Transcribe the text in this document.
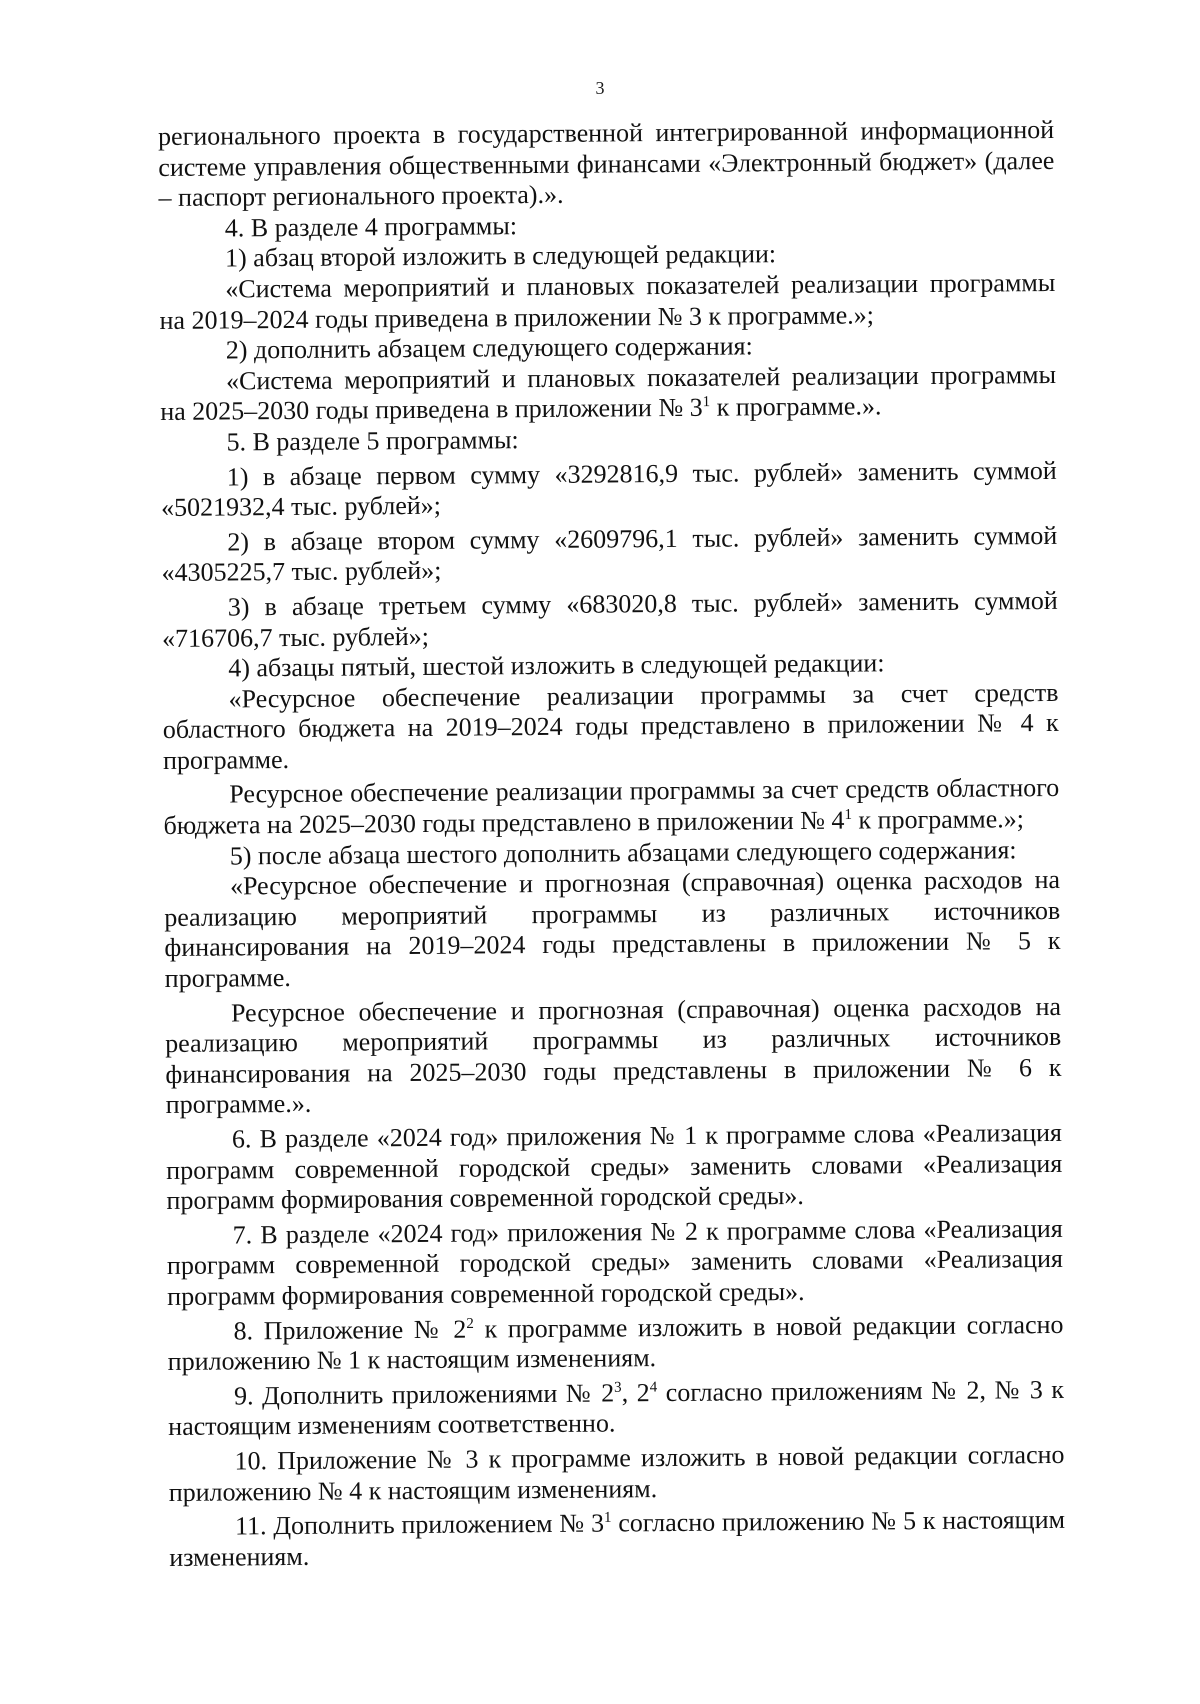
3

регионального проекта в государственной интегрированной информационной системе управления общественными финансами «Электронный бюджет» (далее – паспорт регионального проекта).».

4. В разделе 4 программы:

1) абзац второй изложить в следующей редакции:

«Система мероприятий и плановых показателей реализации программы на 2019–2024 годы приведена в приложении № 3 к программе.»;

2) дополнить абзацем следующего содержания:

«Система мероприятий и плановых показателей реализации программы на 2025–2030 годы приведена в приложении № $3^1$ к программе.».

5. В разделе 5 программы:

1) в абзаце первом сумму «3292816,9 тыс. рублей» заменить суммой «5021932,4 тыс. рублей»;

2) в абзаце втором сумму «2609796,1 тыс. рублей» заменить суммой «4305225,7 тыс. рублей»;

3) в абзаце третьем сумму «683020,8 тыс. рублей» заменить суммой «716706,7 тыс. рублей»;

4) абзацы пятый, шестой изложить в следующей редакции:

«Ресурсное обеспечение реализации программы за счет средств областного бюджета на 2019–2024 годы представлено в приложении № 4 к программе.

Ресурсное обеспечение реализации программы за счет средств областного бюджета на 2025–2030 годы представлено в приложении № $4^1$ к программе.»;

5) после абзаца шестого дополнить абзацами следующего содержания:

«Ресурсное обеспечение и прогнозная (справочная) оценка расходов на реализацию мероприятий программы из различных источников финансирования на 2019–2024 годы представлены в приложении № 5 к программе.

Ресурсное обеспечение и прогнозная (справочная) оценка расходов на реализацию мероприятий программы из различных источников финансирования на 2025–2030 годы представлены в приложении № 6 к программе.».

6. В разделе «2024 год» приложения № 1 к программе слова «Реализация программ современной городской среды» заменить словами «Реализация программ формирования современной городской среды».

7. В разделе «2024 год» приложения № 2 к программе слова «Реализация программ современной городской среды» заменить словами «Реализация программ формирования современной городской среды».

8. Приложение № $2^2$ к программе изложить в новой редакции согласно приложению № 1 к настоящим изменениям.

9. Дополнить приложениями № $2^3$, $2^4$ согласно приложениям № 2, № 3 к настоящим изменениям соответственно.

10. Приложение № 3 к программе изложить в новой редакции согласно приложению № 4 к настоящим изменениям.

11. Дополнить приложением № $3^1$ согласно приложению № 5 к настоящим изменениям.
